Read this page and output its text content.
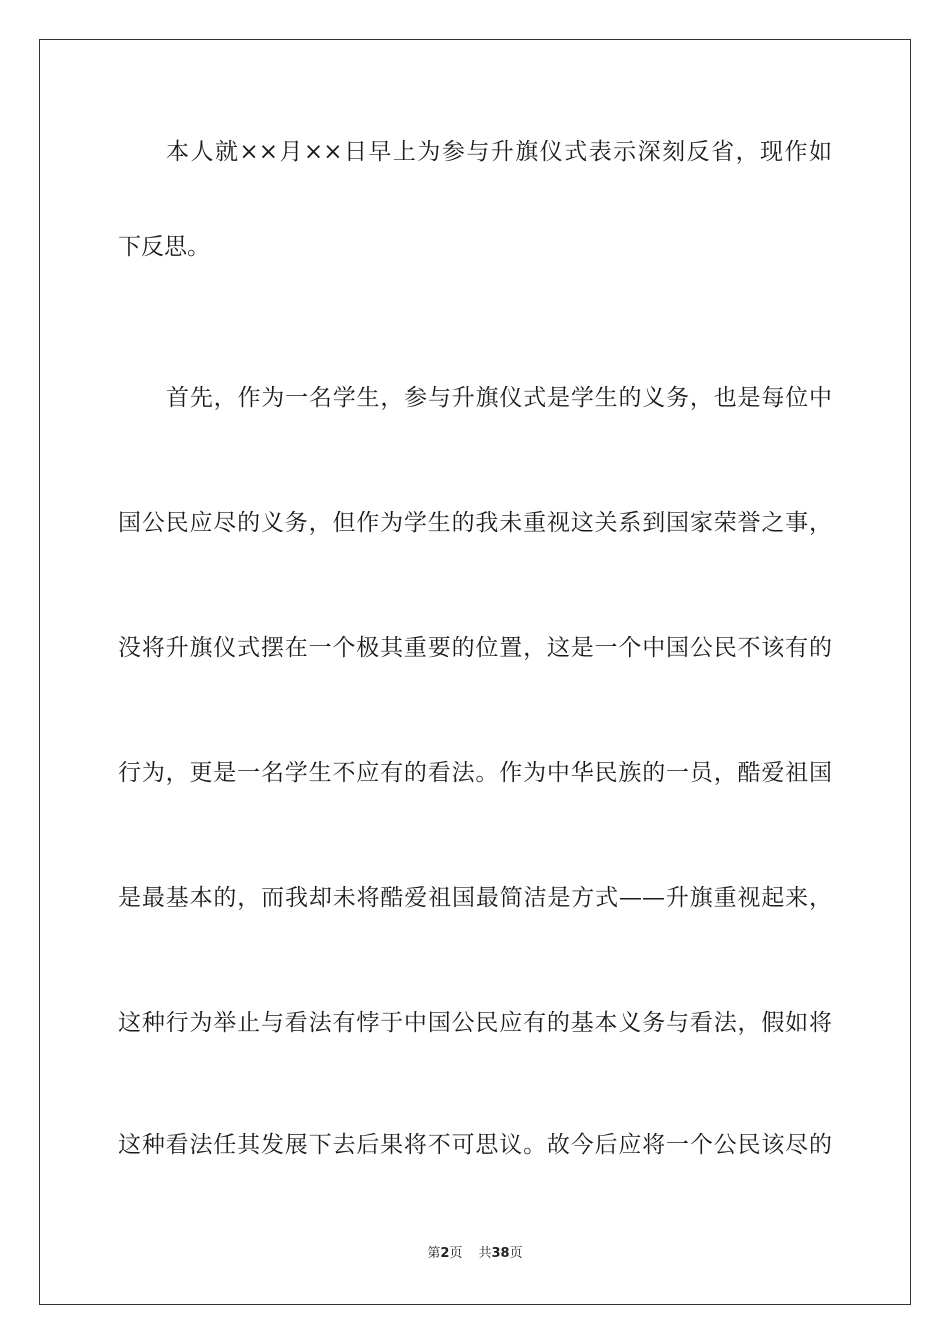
本人就××月××日早上为参与升旗仪式表示深刻反省，现作如
下反思。
首先，作为一名学生，参与升旗仪式是学生的义务，也是每位中
国公民应尽的义务，但作为学生的我未重视这关系到国家荣誉之事，
没将升旗仪式摆在一个极其重要的位置，这是一个中国公民不该有的
行为，更是一名学生不应有的看法。作为中华民族的一员，酷爱祖国
是最基本的，而我却未将酷爱祖国最简洁是方式——升旗重视起来，
这种行为举止与看法有悖于中国公民应有的基本义务与看法，假如将
这种看法任其发展下去后果将不可思议。故今后应将一个公民该尽的
第2页 共38页
